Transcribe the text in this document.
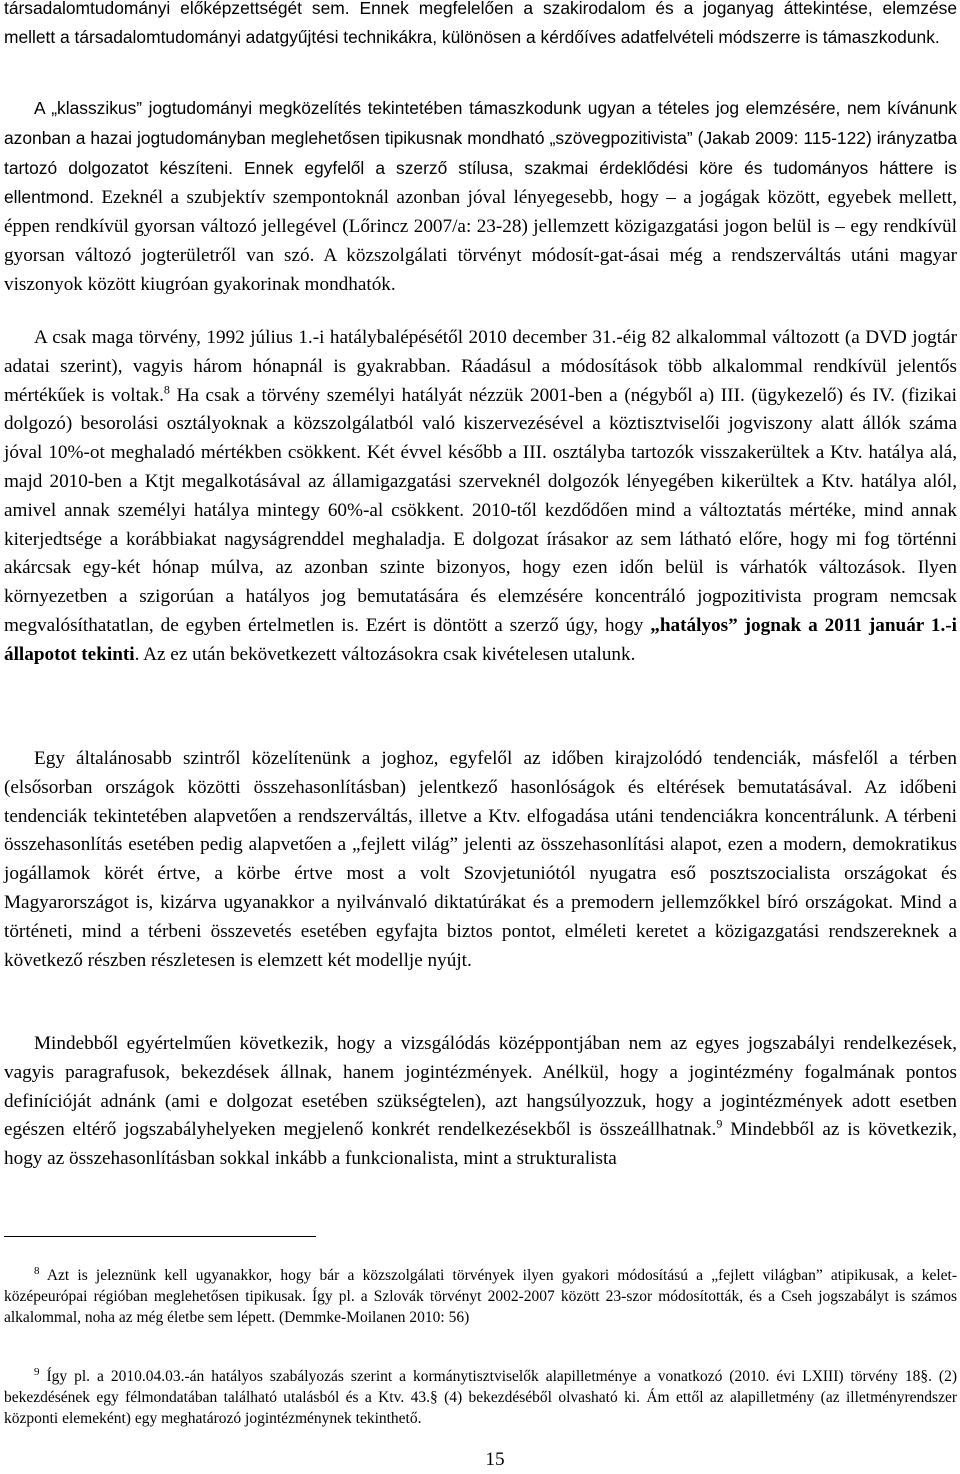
társadalomtudományi előképzettségét sem. Ennek megfelelően a szakirodalom és a joganyag áttekintése, elemzése mellett a társadalomtudományi adatgyűjtési technikákra, különösen a kérdőíves adatfelvételi módszerre is támaszkodunk.

A „klasszikus” jogtudományi megközelítés tekintetében támaszkodunk ugyan a tételes jog elemzésére, nem kívánunk azonban a hazai jogtudományban meglehetősen tipikusnak mondható „szövegpozitivista” (Jakab 2009: 115-122) irányzatba tartozó dolgozatot készíteni. Ennek egyfelől a szerző stílusa, szakmai érdeklődési köre és tudományos háttere is ellentmond. Ezeknél a szubjektív szempontoknál azonban jóval lényegesebb, hogy – a jogágak között, egyebek mellett, éppen rendkívül gyorsan változó jellegével (Lőrincz 2007/a: 23-28) jellemzett közigazgatási jogon belül is – egy rendkívül gyorsan változó jogterületről van szó. A közszolgálati törvényt módosít-gat-ásai még a rendszerváltás utáni magyar viszonyok között kiugróan gyakorinak mondhatók.

A csak maga törvény, 1992 július 1.-i hatálybalépésétől 2010 december 31.-éig 82 alkalommal változott (a DVD jogtár adatai szerint), vagyis három hónapnál is gyakrabban. Ráadásul a módosítások több alkalommal rendkívül jelentős mértékűek is voltak.$^8$ Ha csak a törvény személyi hatályát nézzük 2001-ben a (négyből a) III. (ügykezelő) és IV. (fizikai dolgozó) besorolási osztályoknak a közszolgálatból való kiszervezésével a köztisztviselői jogviszony alatt állók száma jóval 10%-ot meghaladó mértékben csökkent. Két évvel később a III. osztályba tartozók visszakerültek a Ktv. hatálya alá, majd 2010-ben a Ktjt megalkotásával az államigazgatási szerveknél dolgozók lényegében kikerültek a Ktv. hatálya alól, amivel annak személyi hatálya mintegy 60%-al csökkent. 2010-től kezdődően mind a változtatás mértéke, mind annak kiterjedtsége a korábbiakat nagyságrenddel meghaladja. E dolgozat írásakor az sem látható előre, hogy mi fog történni akárcsak egy-két hónap múlva, az azonban szinte bizonyos, hogy ezen időn belül is várhatók változások. Ilyen környezetben a szigorúan a hatályos jog bemutatására és elemzésére koncentráló jogpozitivista program nemcsak megvalósíthatatlan, de egyben értelmetlen is. Ezért is döntött a szerző úgy, hogy „hatályos” jognak a 2011 január 1.-i állapotot tekinti. Az ez után bekövetkezett változásokra csak kivételesen utalunk.

Egy általánosabb szintről közelítenünk a joghoz, egyfelől az időben kirajzolódó tendenciák, másfelől a térben (elsősorban országok közötti összehasonlításban) jelentkező hasonlóságok és eltérések bemutatásával. Az időbeni tendenciák tekintetében alapvetően a rendszerváltás, illetve a Ktv. elfogadása utáni tendenciákra koncentrálunk. A térbeni összehasonlítás esetében pedig alapvetően a „fejlett világ” jelenti az összehasonlítási alapot, ezen a modern, demokratikus jogállamok körét értve, a körbe értve most a volt Szovjetuniótól nyugatra eső posztszocialista országokat és Magyarországot is, kizárva ugyanakkor a nyilvánvaló diktatúrákat és a premodern jellemzőkkel bíró országokat. Mind a történeti, mind a térbeni összevetés esetében egyfajta biztos pontot, elméleti keretet a közigazgatási rendszereknek a következő részben részletesen is elemzett két modellje nyújt.

Mindebből egyértelműen következik, hogy a vizsgálódás középpontjában nem az egyes jogszabályi rendelkezések, vagyis paragrafusok, bekezdések állnak, hanem jogintézmények. Anélkül, hogy a jogintézmény fogalmának pontos definícióját adnánk (ami e dolgozat esetében szükségtelen), azt hangsúlyozzuk, hogy a jogintézmények adott esetben egészen eltérő jogszabályhelyeken megjelenő konkrét rendelkezésekből is összeállhatnak.$^9$ Mindebből az is következik, hogy az összehasonlításban sokkal inkább a funkcionalista, mint a strukturalista

$^8$ Azt is jeleznünk kell ugyanakkor, hogy bár a közszolgálati törvények ilyen gyakori módosítású a „fejlett világban” atipikusak, a kelet-középeurópai régióban meglehetősen tipikusak. Így pl. a Szlovák törvényt 2002-2007 között 23-szor módosították, és a Cseh jogszabályt is számos alkalommal, noha az még életbe sem lépett. (Demmke-Moilanen 2010: 56)

$^9$ Így pl. a 2010.04.03.-án hatályos szabályozás szerint a kormánytisztviselők alapilletménye a vonatkozó (2010. évi LXIII) törvény 18§. (2) bekezdésének egy félmondatában található utalásból és a Ktv. 43.§ (4) bekezdéséből olvasható ki. Ám ettől az alapilletmény (az illetményrendszer központi elemeként) egy meghatározó jogintézménynek tekinthető.

15
